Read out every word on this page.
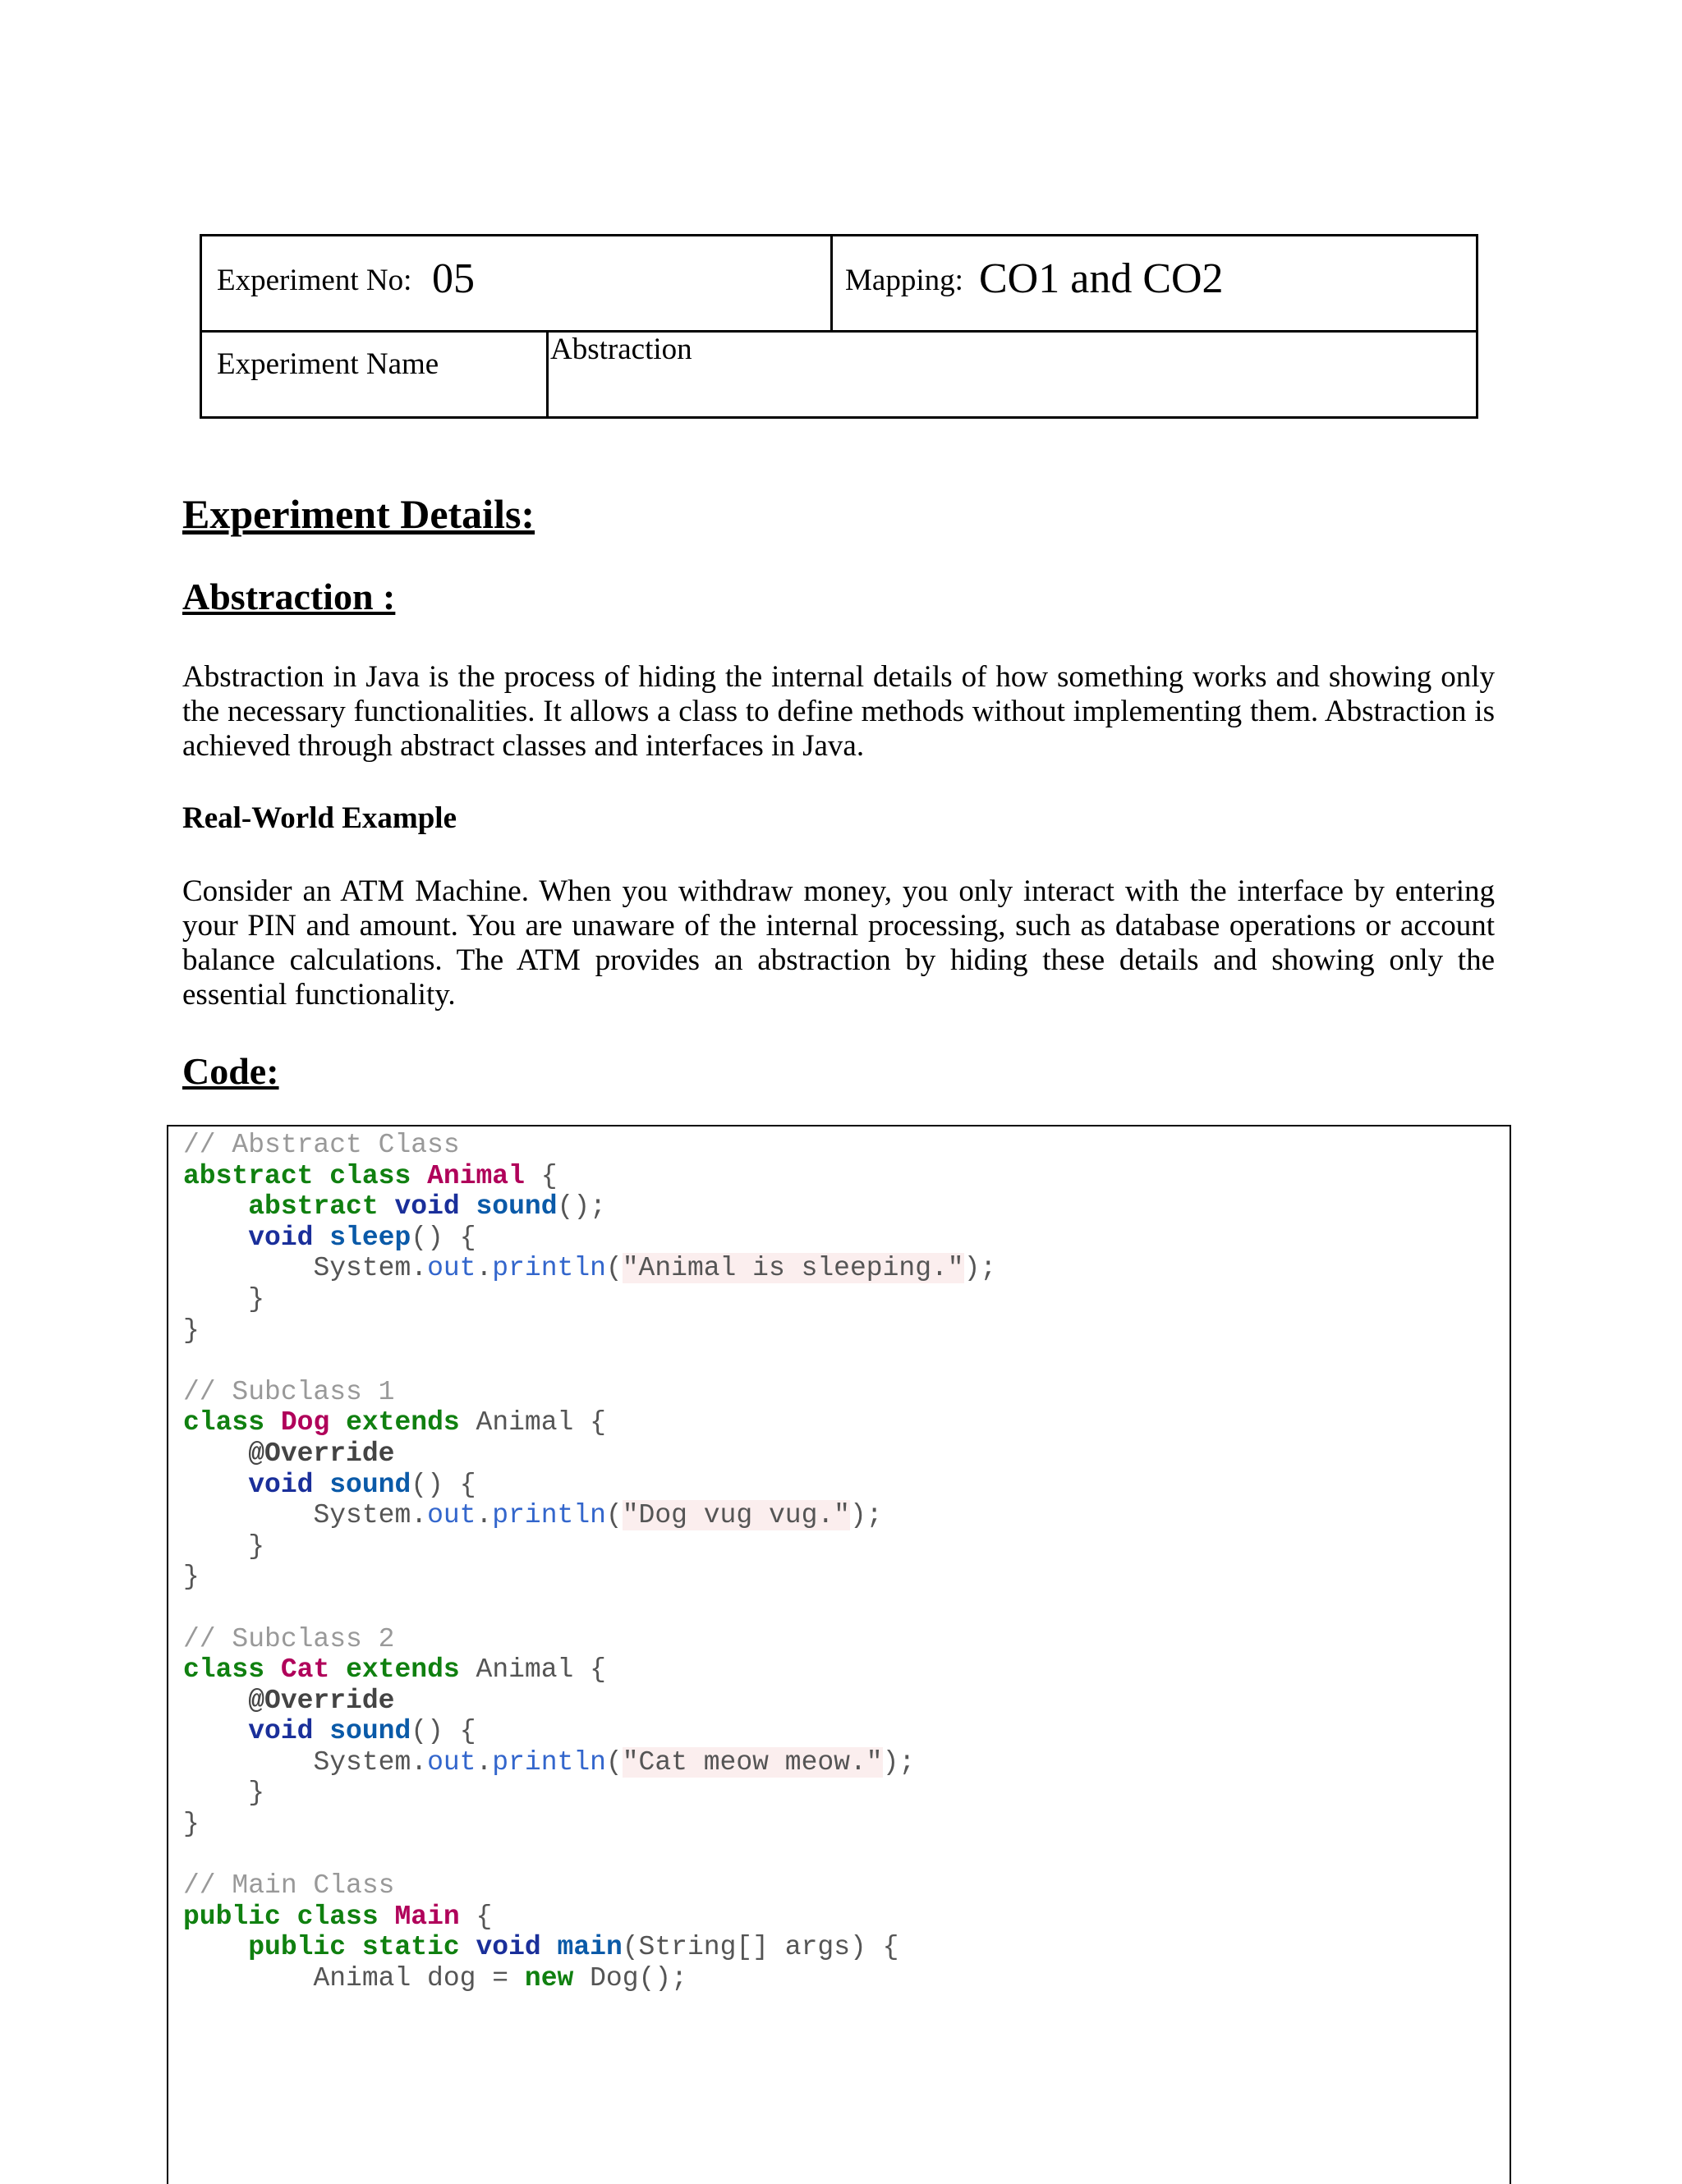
Experiment No: 05	Mapping: CO1 and CO2
Experiment Name	Abstraction
Experiment Details:
Abstraction :
Abstraction in Java is the process of hiding the internal details of how something works and showing only the necessary functionalities. It allows a class to define methods without implementing them. Abstraction is achieved through abstract classes and interfaces in Java.
Real-World Example
Consider an ATM Machine. When you withdraw money, you only interact with the interface by entering your PIN and amount. You are unaware of the internal processing, such as database operations or account balance calculations. The ATM provides an abstraction by hiding these details and showing only the essential functionality.
Code:
// Abstract Class
abstract class Animal {
abstract void sound();
void sleep() {
System.out.println("Animal is sleeping.");
}
}

// Subclass 1
class Dog extends Animal {
@Override
void sound() {
System.out.println("Dog vug vug.");
}
}

// Subclass 2
class Cat extends Animal {
@Override
void sound() {
System.out.println("Cat meow meow.");
}
}

// Main Class
public class Main {
public static void main(String[] args) {
Animal dog = new Dog();
